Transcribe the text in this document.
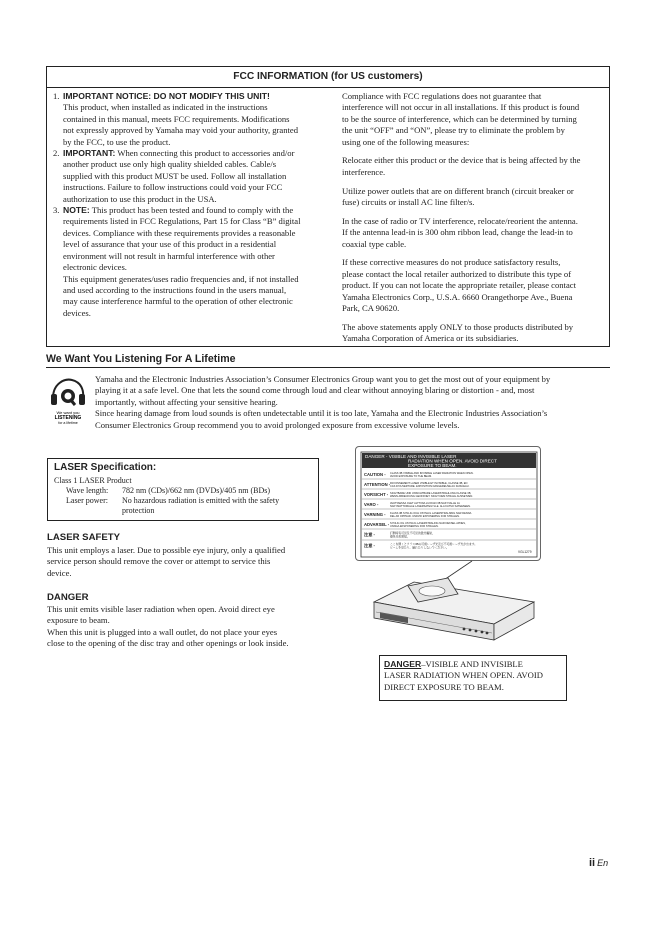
FCC INFORMATION (for US customers)
1. IMPORTANT NOTICE: DO NOT MODIFY THIS UNIT!
This product, when installed as indicated in the instructions
contained in this manual, meets FCC requirements. Modifications
not expressly approved by Yamaha may void your authority, granted
by the FCC, to use the product.
2. IMPORTANT: When connecting this product to accessories and/or
another product use only high quality shielded cables. Cable/s
supplied with this product MUST be used. Follow all installation
instructions. Failure to follow instructions could void your FCC
authorization to use this product in the USA.
3. NOTE: This product has been tested and found to comply with the
requirements listed in FCC Regulations, Part 15 for Class “B” digital
devices. Compliance with these requirements provides a reasonable
level of assurance that your use of this product in a residential
environment will not result in harmful interference with other
electronic devices.
This equipment generates/uses radio frequencies and, if not installed
and used according to the instructions found in the users manual,
may cause interference harmful to the operation of other electronic
devices.

Compliance with FCC regulations does not guarantee that
interference will not occur in all installations. If this product is found
to be the source of interference, which can be determined by turning
the unit “OFF” and “ON”, please try to eliminate the problem by
using one of the following measures:

Relocate either this product or the device that is being affected by the
interference.

Utilize power outlets that are on different branch (circuit breaker or
fuse) circuits or install AC line filter/s.

In the case of radio or TV interference, relocate/reorient the antenna.
If the antenna lead-in is 300 ohm ribbon lead, change the lead-in to
coaxial type cable.

If these corrective measures do not produce satisfactory results,
please contact the local retailer authorized to distribute this type of
product. If you can not locate the appropriate retailer, please contact
Yamaha Electronics Corp., U.S.A. 6660 Orangethorpe Ave., Buena
Park, CA 90620.

The above statements apply ONLY to those products distributed by
Yamaha Corporation of America or its subsidiaries.

We Want You Listening For A Lifetime
We want you
LISTENING
for a lifetime
Yamaha and the Electronic Industries Association’s Consumer Electronics Group want you to get the most out of your equipment by
playing it at a safe level. One that lets the sound come through loud and clear without annoying blaring or distortion - and, most
importantly, without affecting your sensitive hearing.
Since hearing damage from loud sounds is often undetectable until it is too late, Yamaha and the Electronic Industries Association’s
Consumer Electronics Group recommend you to avoid prolonged exposure from excessive volume levels.
LASER Specification:
Class 1 LASER Product
Wave length:	782 nm (CDs)/662 nm (DVDs)/405 nm (BDs)
Laser power:	No hazardous radiation is emitted with the safety
protection
LASER SAFETY
This unit employs a laser. Due to possible eye injury, only a qualified
service person should remove the cover or attempt to service this
device.
DANGER
This unit emits visible laser radiation when open. Avoid direct eye
exposure to beam.
When this unit is plugged into a wall outlet, do not place your eyes
close to the opening of the disc tray and other openings or look inside.
DANGER - VISIBLE AND INVISIBLE LASER
RADIATION WHEN OPEN. AVOID DIRECT
EXPOSURE TO BEAM.
CAUTION - CLASS 3B VISIBLE AND INVISIBLE LASER RADIATION WHEN OPEN.
AVOID EXPOSURE TO THE BEAM.
ATTENTION - RAYONNEMENT LASER VISIBLE ET INVISIBLE, CLASSE 3B, EN
CAS D'OUVERTURE. EXPOSITION DANGEREUSE AU FAISCEAU.
VORSICHT - SICHTBARE UND UNSICHTBARE LASERSTRAHLUNG KLASSE 3B,
WENN ABDECKUNG GEOFFNET. NICHT DEM STRAHL AUSSETZEN.
VARO -	AVATTAESSA OLET ALTTIINA LUOKAN 3B NAKYVALLE JA
NAKYMATTOMALLE LASERSATEILYLLE. ALA KATSO SATEESEEN.
VARNING - KLASS 3B SYNLIG OCH OSYNLIG LASERSTRALNING NAR DENNA
DEL AR OPPNAD. UNDVIK EXPONERING FOR STRALEN.
ADVARSEL - SYNLIG OG USYNLIG LASERSTRALING NAR DEKSEL APNES,
UNNGA EKSPONERING FOR STRALEN.
注意 -	打開時有可見及不可見的激光輻射，
避免光束照射。
注意 -	ここを開くとクラス3Bの可視レーザ光及び不可視レーザ光が出ます。
ビームを見たり、触れたりしないでください。
VGL1279
DANGER–VISIBLE AND INVISIBLE
LASER RADIATION WHEN OPEN. AVOID
DIRECT EXPOSURE TO BEAM.
ii En
